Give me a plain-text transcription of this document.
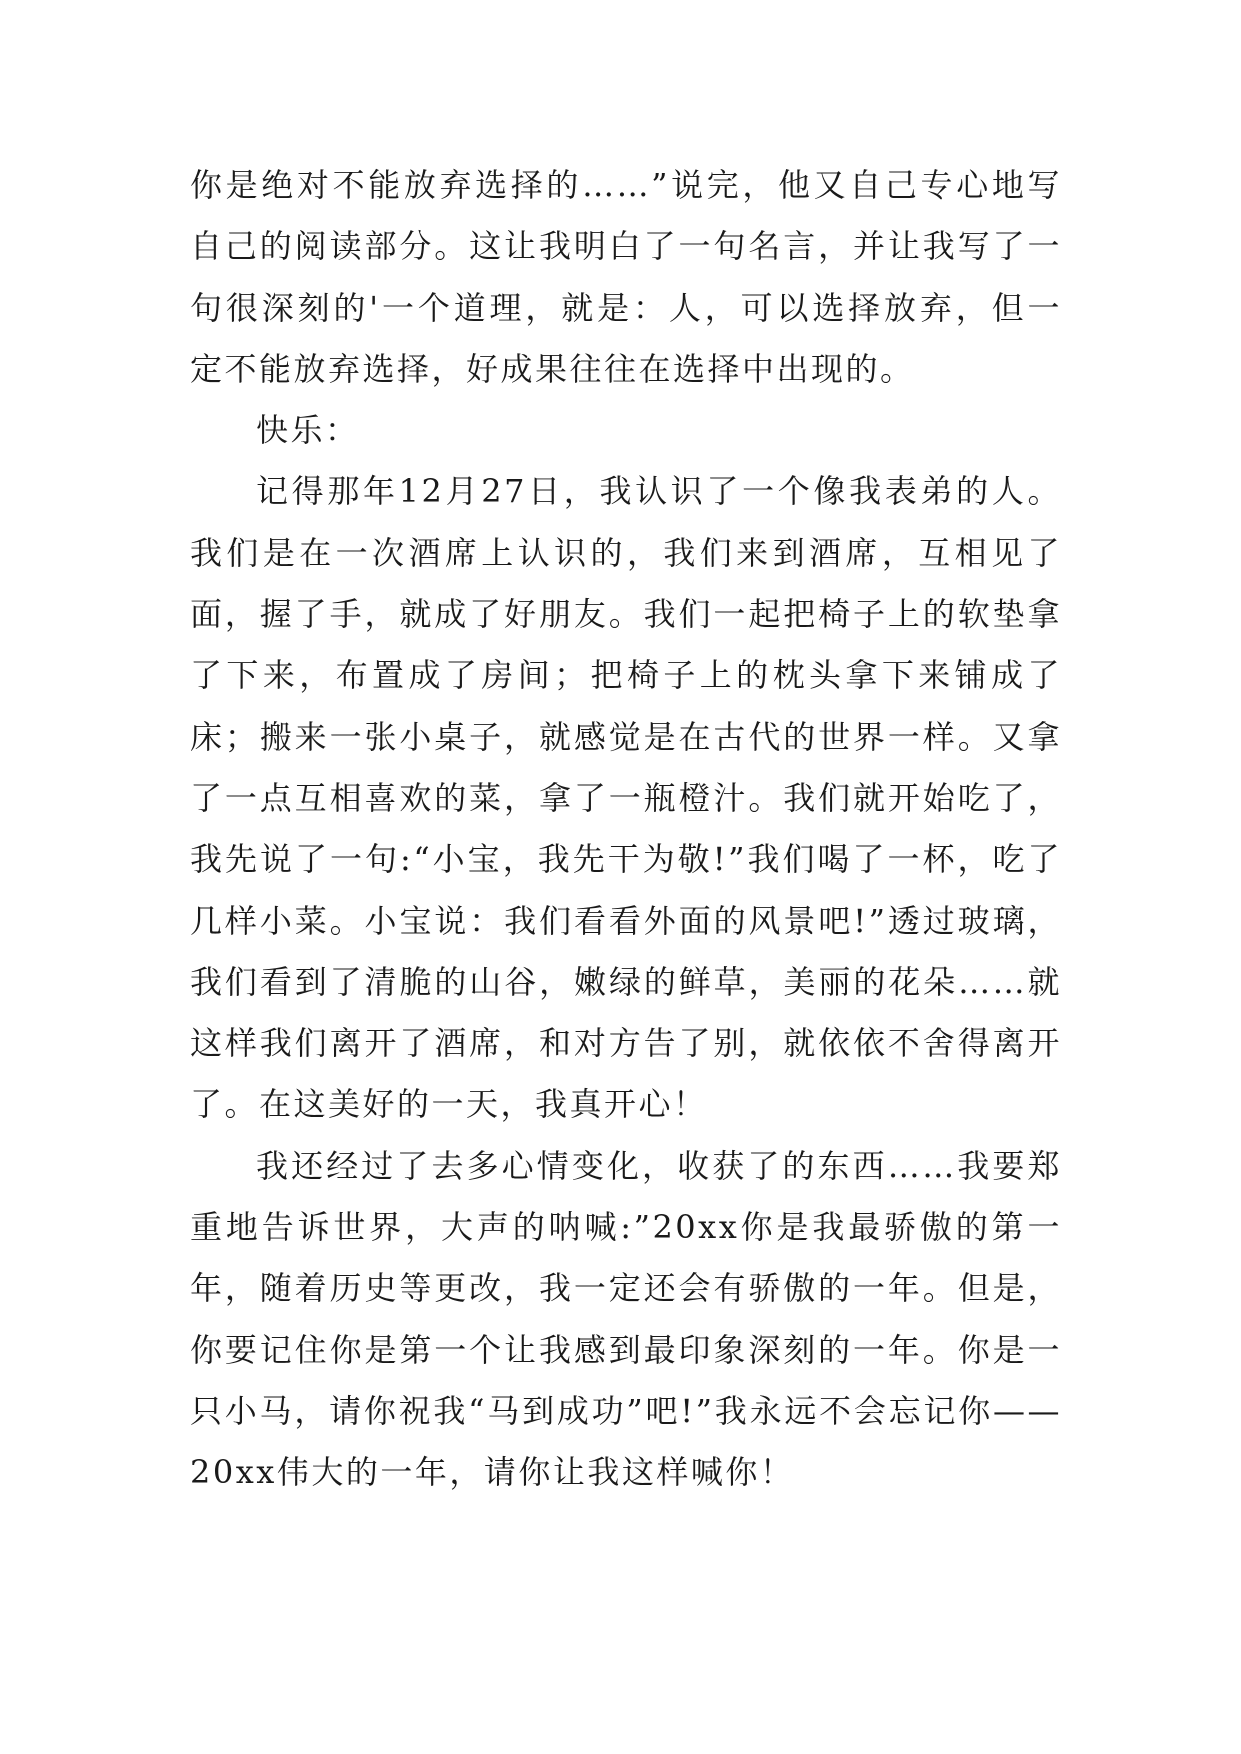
你是绝对不能放弃选择的……”说完，他又自己专心地写自己的阅读部分。这让我明白了一句名言，并让我写了一句很深刻的'一个道理，就是：人，可以选择放弃，但一定不能放弃选择，好成果往往在选择中出现的。

快乐：

记得那年12月27日，我认识了一个像我表弟的人。我们是在一次酒席上认识的，我们来到酒席，互相见了面，握了手，就成了好朋友。我们一起把椅子上的软垫拿了下来，布置成了房间；把椅子上的枕头拿下来铺成了床；搬来一张小桌子，就感觉是在古代的世界一样。又拿了一点互相喜欢的菜，拿了一瓶橙汁。我们就开始吃了，我先说了一句:“小宝，我先干为敬!”我们喝了一杯，吃了几样小菜。小宝说：我们看看外面的风景吧!”透过玻璃，我们看到了清脆的山谷，嫩绿的鲜草，美丽的花朵……就这样我们离开了酒席，和对方告了别，就依依不舍得离开了。在这美好的一天，我真开心！

我还经过了去多心情变化，收获了的东西……我要郑重地告诉世界，大声的呐喊:”20xx你是我最骄傲的第一年，随着历史等更改，我一定还会有骄傲的一年。但是，你要记住你是第一个让我感到最印象深刻的一年。你是一只小马，请你祝我“马到成功”吧!”我永远不会忘记你——20xx伟大的一年，请你让我这样喊你！
